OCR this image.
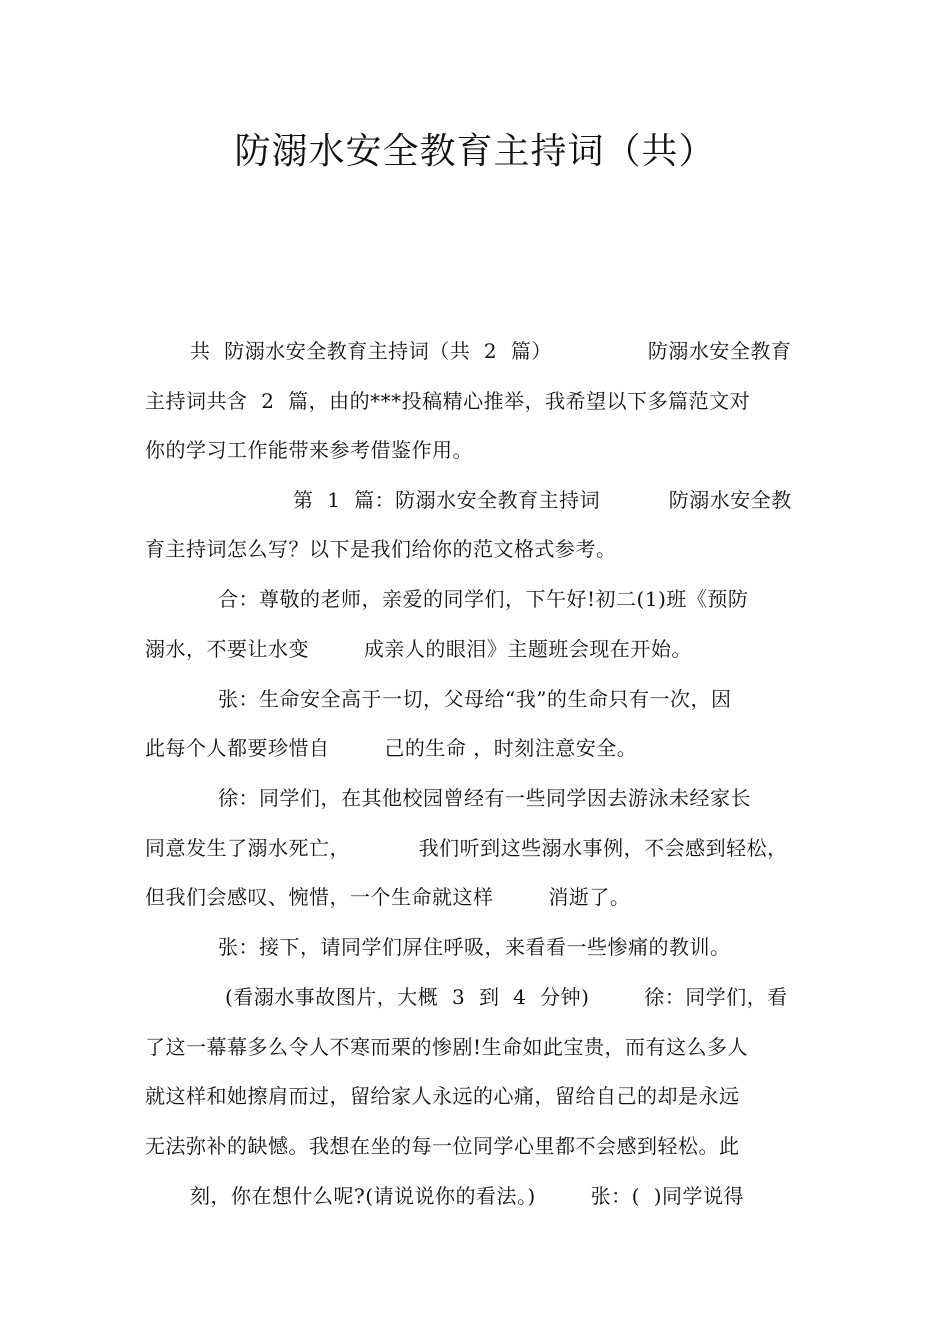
防溺水安全教育主持词（共）
共  防溺水安全教育主持词（共  2  篇）              防溺水安全教育
主持词共含  2  篇，由的***投稿精心推举，我希望以下多篇范文对
你的学习工作能带来参考借鉴作用。
第  1  篇：防溺水安全教育主持词          防溺水安全教
育主持词怎么写？以下是我们给你的范文格式参考。
合：尊敬的老师，亲爱的同学们，下午好!初二(1)班《预防
溺水，不要让水变        成亲人的眼泪》主题班会现在开始。
张：生命安全高于一切，父母给“我”的生命只有一次，因
此每个人都要珍惜自        己的生命 ，时刻注意安全。
徐：同学们，在其他校园曾经有一些同学因去游泳未经家长
同意发生了溺水死亡，          我们听到这些溺水事例，不会感到轻松，
但我们会感叹、惋惜，一个生命就这样        消逝了。
张：接下，请同学们屏住呼吸，来看看一些惨痛的教训。
(看溺水事故图片，大概  3  到  4  分钟)        徐：同学们，看
了这一幕幕多么令人不寒而栗的惨剧!生命如此宝贵，而有这么多人
就这样和她擦肩而过，留给家人永远的心痛，留给自己的却是永远
无法弥补的缺憾。我想在坐的每一位同学心里都不会感到轻松。此
刻，你在想什么呢?(请说说你的看法。)        张：(  )同学说得
